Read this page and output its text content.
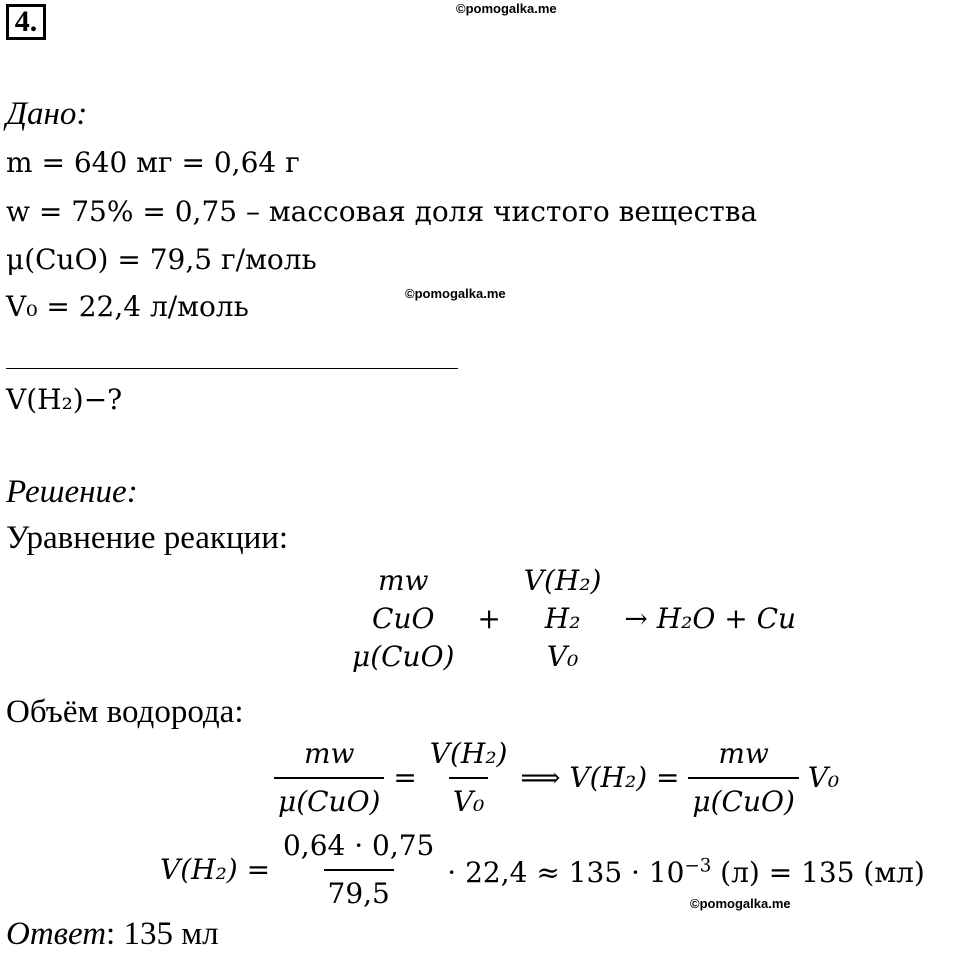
4.	©pomogalka.me
Дано:
m = 640 мг = 0,64 г
w = 75% = 0,75 – массовая доля чистого вещества
μ(CuO) = 79,5 г/моль
V₀ = 22,4 л/моль	©pomogalka.me
V(H₂)−?
Решение:
Уравнение реакции:
mw
CuO
μ(CuO)
+
V(H₂)
H₂
V₀
→ H₂O + Cu
Объём водорода:
$\frac{mw}{\text{μ(CuO)}} = \frac{\text{V(H₂)}}{\text{V₀}}$ ⟹ $V(H_2) = \frac{mw}{\text{μ(CuO)}} V_0$
$V(H_2) = \frac{0,64 \cdot 0,75}{79,5} \cdot 22,4 \approx 135 \cdot 10^{-3}$ (л) = 135 (мл)
©pomogalka.me
Ответ: 135 мл
